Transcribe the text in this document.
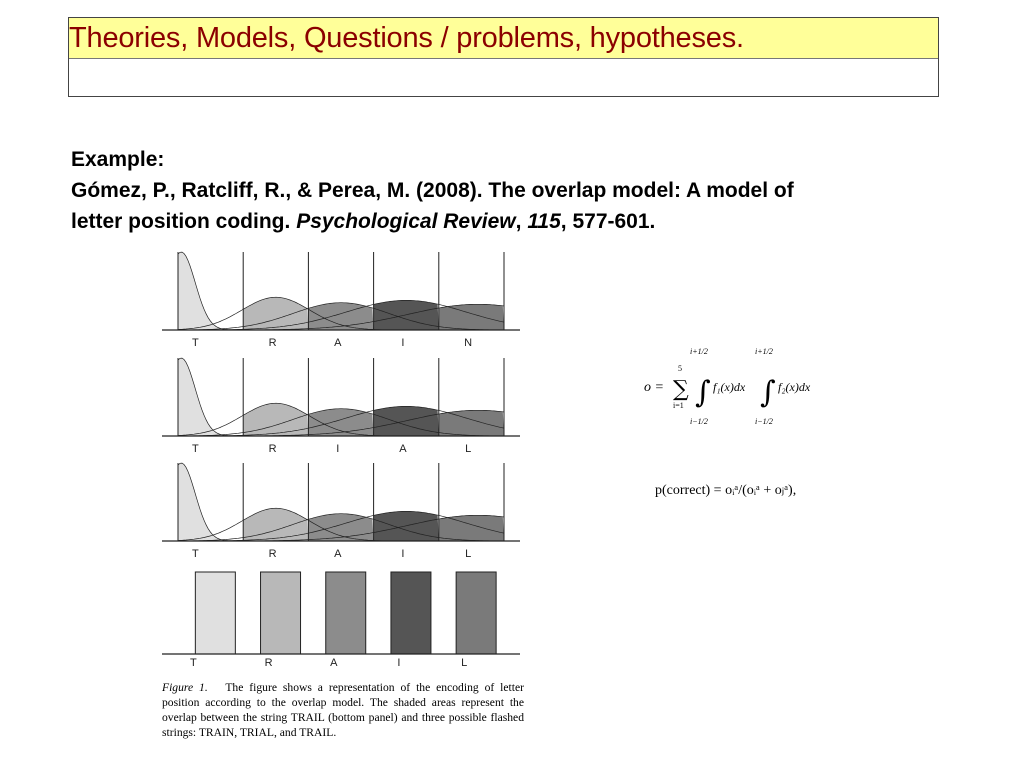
Theories, Models, Questions / problems, hypotheses.
Example:
Gómez, P., Ratcliff, R., & Perea, M. (2008). The overlap model: A model of letter position coding. Psychological Review, 115, 577-601.
T	R	A	I	N
T	R	I	A	L
T	R	A	I	L
T	R	A	I	L
Figure 1. The figure shows a representation of the encoding of letter position according to the overlap model. The shaded areas represent the overlap between the string TRAIL (bottom panel) and three possible flashed strings: TRAIN, TRIAL, and TRAIL.
o =
5
∑
i=1
i+1/2
∫
i−1/2
f₁(x)dx
i+1/2
∫
i−1/2
f₂(x)dx
p(correct) = oᵢᵃ/(oᵢᵃ + oⱼᵃ),
